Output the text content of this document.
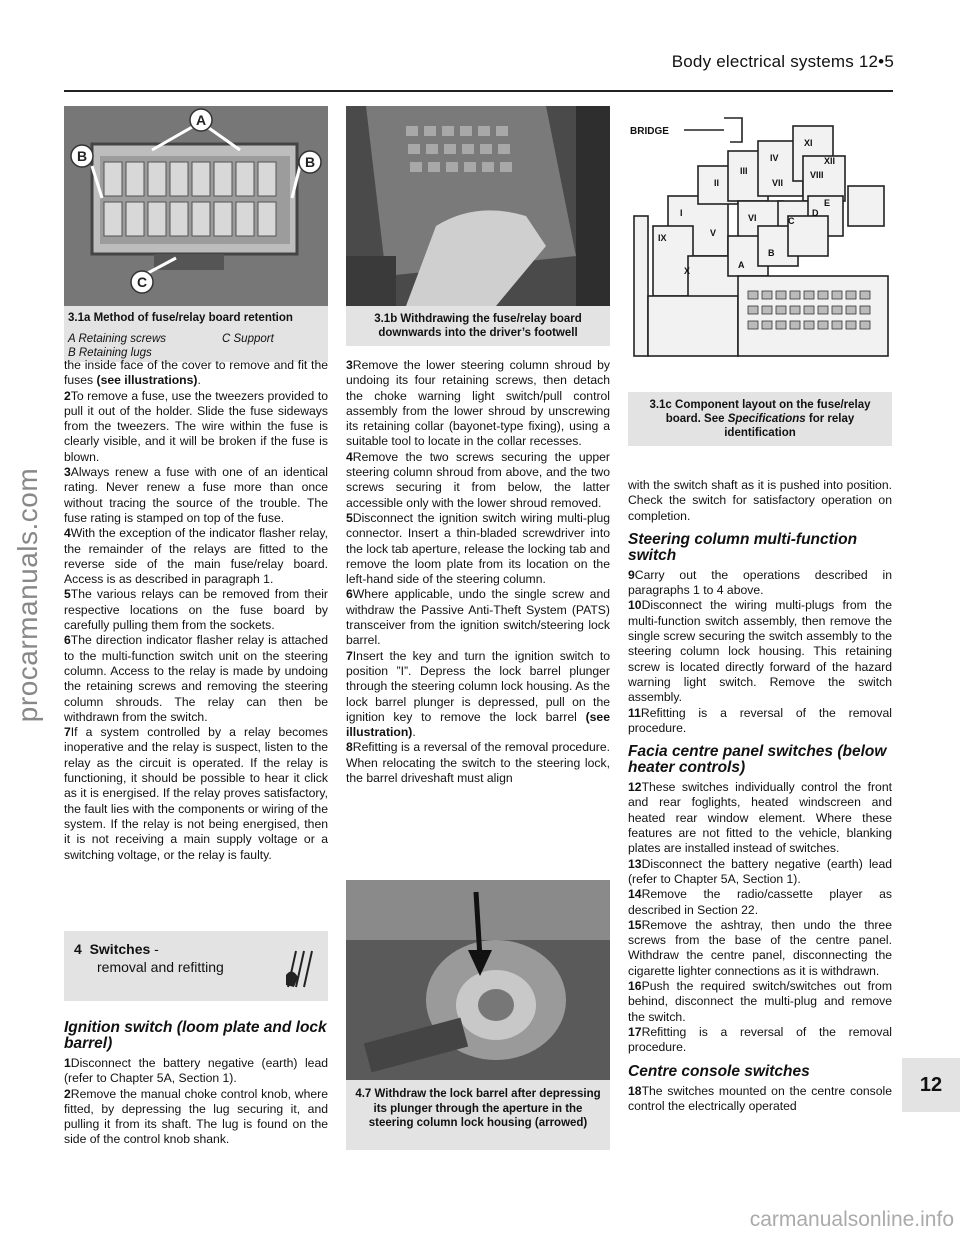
Body electrical systems 12•5
procarmanuals.com
A
B	B
C
3.1a Method of fuse/relay board retention
A Retaining screws	C Support
B Retaining lugs
3.1b Withdrawing the fuse/relay board downwards into the driver’s footwell
BRIDGE
I
II
III
IV
V
VI
VII
VIII
IX
X
XI
XII
A
B
C
D
E
3.1c Component layout on the fuse/relay board. See Specifications for relay identification

the inside face of the cover to remove and fit the fuses (see illustrations).

2To remove a fuse, use the tweezers provided to pull it out of the holder. Slide the fuse sideways from the tweezers. The wire within the fuse is clearly visible, and it will be broken if the fuse is blown.

3Always renew a fuse with one of an identical rating. Never renew a fuse more than once without tracing the source of the trouble. The fuse rating is stamped on top of the fuse.

4With the exception of the indicator flasher relay, the remainder of the relays are fitted to the reverse side of the main fuse/relay board. Access is as described in paragraph 1.

5The various relays can be removed from their respective locations on the fuse board by carefully pulling them from the sockets.

6The direction indicator flasher relay is attached to the multi-function switch unit on the steering column. Access to the relay is made by undoing the retaining screws and removing the steering column shrouds. The relay can then be withdrawn from the switch.

7If a system controlled by a relay becomes inoperative and the relay is suspect, listen to the relay as the circuit is operated. If the relay is functioning, it should be possible to hear it click as it is energised. If the relay proves satisfactory, the fault lies with the components or wiring of the system. If the relay is not being energised, then it is not receiving a main supply voltage or a switching voltage, or the relay is faulty.

4 Switches -
removal and refitting
Ignition switch (loom plate and lock barrel)

1Disconnect the battery negative (earth) lead (refer to Chapter 5A, Section 1).

2Remove the manual choke control knob, where fitted, by depressing the lug securing it, and pulling it from its shaft. The lug is found on the side of the control knob shank.

3Remove the lower steering column shroud by undoing its four retaining screws, then detach the choke warning light switch/pull control assembly from the lower shroud by unscrewing its retaining collar (bayonet-type fixing), using a suitable tool to locate in the collar recesses.

4Remove the two screws securing the upper steering column shroud from above, and the two screws securing it from below, the latter accessible only with the lower shroud removed.

5Disconnect the ignition switch wiring multi-plug connector. Insert a thin-bladed screwdriver into the lock tab aperture, release the locking tab and remove the loom plate from its location on the left-hand side of the steering column.

6Where applicable, undo the single screw and withdraw the Passive Anti-Theft System (PATS) transceiver from the ignition switch/steering lock barrel.

7Insert the key and turn the ignition switch to position ”I”. Depress the lock barrel plunger through the steering column lock housing. As the lock barrel plunger is depressed, pull on the ignition key to remove the lock barrel (see illustration).

8Refitting is a reversal of the removal procedure. When relocating the switch to the steering lock, the barrel driveshaft must align

4.7 Withdraw the lock barrel after depressing its plunger through the aperture in the steering column lock housing (arrowed)

with the switch shaft as it is pushed into position. Check the switch for satisfactory operation on completion.

Steering column multi-function switch

9Carry out the operations described in paragraphs 1 to 4 above.

10Disconnect the wiring multi-plugs from the multi-function switch assembly, then remove the single screw securing the switch assembly to the steering column lock housing. This retaining screw is located directly forward of the hazard warning light switch. Remove the switch assembly.

11Refitting is a reversal of the removal procedure.

Facia centre panel switches (below heater controls)

12These switches individually control the front and rear foglights, heated windscreen and heated rear window element. Where these features are not fitted to the vehicle, blanking plates are installed instead of switches.

13Disconnect the battery negative (earth) lead (refer to Chapter 5A, Section 1).

14Remove the radio/cassette player as described in Section 22.

15Remove the ashtray, then undo the three screws from the base of the centre panel. Withdraw the centre panel, disconnecting the cigarette lighter connections as it is withdrawn.

16Push the required switch/switches out from behind, disconnect the multi-plug and remove the switch.

17Refitting is a reversal of the removal procedure.

Centre console switches

18The switches mounted on the centre console control the electrically operated

12
carmanualsonline.info
